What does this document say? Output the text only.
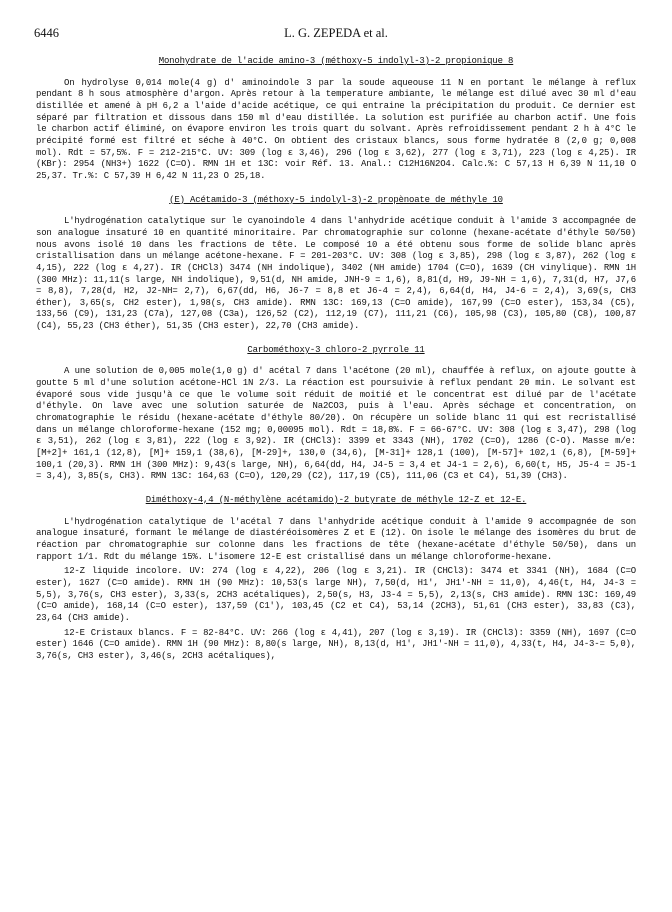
6446	L. G. ZEPEDA et al.

Monohydrate de l'acide amino-3 (méthoxy-5 indolyl-3)-2 propionique 8

On hydrolyse 0,014 mole(4 g) d' aminoindole 3 par la soude aqueouse 11 N en portant le mélange à reflux pendant 8 h sous atmosphère d'argon. Après retour à la temperature ambiante, le mélange est dilué avec 30 ml d'eau distillée et amené à pH 6,2 a l'aide d'acide acétique, ce qui entraine la précipitation du produit. Ce dernier est séparé par filtration et dissous dans 150 ml d'eau distillée. La solution est purifiée au charbon actif. Une fois le charbon actif éliminé, on évapore environ les trois quart du solvant. Après refroidissement pendant 2 h à 4°C le précipité formé est filtré et séche à 40°C. On obtient des cristaux blancs, sous forme hydratée 8 (2,0 g; 0,008 mol). Rdt = 57,5%. F = 212-215°C. UV: 309 (log ε 3,46), 296 (log ε 3,62), 277 (log ε 3,71), 223 (log ε 4,25). IR (KBr): 2954 (NH3+) 1622 (C=O). RMN 1H et 13C: voir Réf. 13. Anal.: C12H16N2O4. Calc.%: C 57,13 H 6,39 N 11,10 O 25,37. Tr.%: C 57,39 H 6,42 N 11,23 O 25,18.

(E) Acétamido-3 (méthoxy-5 indolyl-3)-2 propènoate de méthyle 10

L'hydrogénation catalytique sur le cyanoindole 4 dans l'anhydride acétique conduit à l'amide 3 accompagnée de son analogue insaturé 10 en quantité minoritaire. Par chromatographie sur colonne (hexane-acétate d'éthyle 50/50) nous avons isolé 10 dans les fractions de tête. Le composé 10 a été obtenu sous forme de solide blanc après cristallisation dans un mélange acétone-hexane. F = 201-203°C. UV: 308 (log ε 3,85), 298 (log ε 3,87), 262 (log ε 4,15), 222 (log ε 4,27). IR (CHCl3) 3474 (NH indolique), 3402 (NH amide) 1704 (C=O), 1639 (CH vinylique). RMN 1H (300 MHz): 11,11(s large, NH indolique), 9,51(d, NH amide, JNH-9 = 1,6), 8,81(d, H9, J9-NH = 1,6), 7,31(d, H7, J7,6 = 8,8), 7,28(d, H2, J2-NH= 2,7), 6,67(dd, H6, J6-7 = 8,8 et J6-4 = 2,4), 6,64(d, H4, J4-6 = 2,4), 3,69(s, CH3 éther), 3,65(s, CH2 ester), 1,98(s, CH3 amide). RMN 13C: 169,13 (C=O amide), 167,99 (C=O ester), 153,34 (C5), 133,56 (C9), 131,23 (C7a), 127,08 (C3a), 126,52 (C2), 112,19 (C7), 111,21 (C6), 105,98 (C3), 105,80 (C8), 100,87 (C4), 55,23 (CH3 éther), 51,35 (CH3 ester), 22,70 (CH3 amide).

Carbométhoxy-3 chloro-2 pyrrole 11

A une solution de 0,005 mole(1,0 g) d' acétal 7 dans l'acétone (20 ml), chauffée à reflux, on ajoute goutte à goutte 5 ml d'une solution acétone-HCl 1N 2/3. La réaction est poursuivie à reflux pendant 20 min. Le solvant est évaporé sous vide jusqu'à ce que le volume soit réduit de moitié et le concentrat est dilué par de l'acétate d'éthyle. On lave avec une solution saturée de Na2CO3, puis à l'eau. Après séchage et concentration, on chromatographie le résidu (hexane-acétate d'éthyle 80/20). On récupère un solide blanc 11 qui est recristallisé dans un mélange chloroforme-hexane (152 mg; 0,00095 mol). Rdt = 18,8%. F = 66-67°C. UV: 308 (log ε 3,47), 298 (log ε 3,51), 262 (log ε 3,81), 222 (log ε 3,92). IR (CHCl3): 3399 et 3343 (NH), 1702 (C=O), 1286 (C-O). Masse m/e: [M+2]+ 161,1 (12,8), [M]+ 159,1 (38,6), [M-29]+, 130,0 (34,6), [M-31]+ 128,1 (100), [M-57]+ 102,1 (6,8), [M-59]+ 100,1 (20,3). RMN 1H (300 MHz): 9,43(s large, NH), 6,64(dd, H4, J4-5 = 3,4 et J4-1 = 2,6), 6,60(t, H5, J5-4 = J5-1 = 3,4), 3,85(s, CH3). RMN 13C: 164,63 (C=O), 120,29 (C2), 117,19 (C5), 111,06 (C3 et C4), 51,39 (CH3).

Diméthoxy-4,4 (N-méthylène acétamido)-2 butyrate de méthyle 12-Z et 12-E.

L'hydrogénation catalytique de l'acétal 7 dans l'anhydride acétique conduit à l'amide 9 accompagnée de son analogue insaturé, formant le mélange de diastéréoisomères Z et E (12). On isole le mélange des isomères du brut de réaction par chromatographie sur colonne dans les fractions de tête (hexane-acétate d'éthyle 50/50), dans un rapport 1/1. Rdt du mélange 15%. L'isomere 12-E est cristallisé dans un mélange chloroforme-hexane.

12-Z liquide incolore. UV: 274 (log ε 4,22), 206 (log ε 3,21). IR (CHCl3): 3474 et 3341 (NH), 1684 (C=O ester), 1627 (C=O amide). RMN 1H (90 MHz): 10,53(s large NH), 7,50(d, H1', JH1'-NH = 11,0), 4,46(t, H4, J4-3 = 5,5), 3,76(s, CH3 ester), 3,33(s, 2CH3 acétaliques), 2,50(s, H3, J3-4 = 5,5), 2,13(s, CH3 amide). RMN 13C: 169,49 (C=O amide), 168,14 (C=O ester), 137,59 (C1'), 103,45 (C2 et C4), 53,14 (2CH3), 51,61 (CH3 ester), 33,83 (C3), 23,64 (CH3 amide).

12-E Cristaux blancs. F = 82-84°C. UV: 266 (log ε 4,41), 207 (log ε 3,19). IR (CHCl3): 3359 (NH), 1697 (C=O ester) 1646 (C=O amide). RMN 1H (90 MHz): 8,80(s large, NH), 8,13(d, H1', JH1'-NH = 11,0), 4,33(t, H4, J4-3-= 5,0), 3,76(s, CH3 ester), 3,46(s, 2CH3 acétaliques),
